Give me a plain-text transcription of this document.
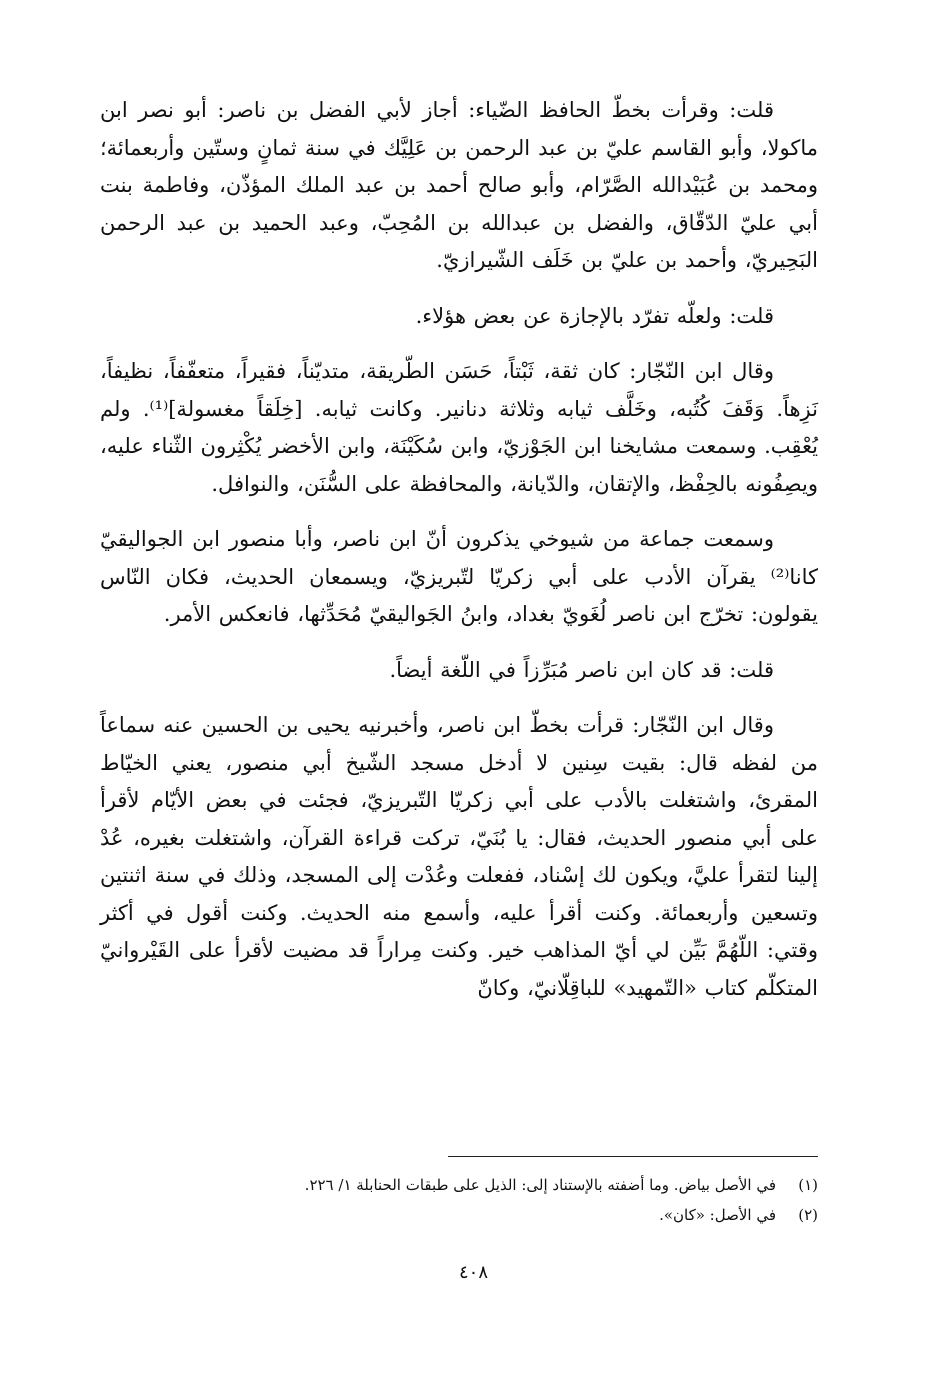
قلت: وقرأت بخطّ الحافظ الضّياء: أجاز لأبي الفضل بن ناصر: أبو نصر ابن ماكولا، وأبو القاسم عليّ بن عبد الرحمن بن عَلِيَّك في سنة ثمانٍ وستّين وأربعمائة؛ ومحمد بن عُبَيْدالله الصَّرّام، وأبو صالح أحمد بن عبد الملك المؤذّن، وفاطمة بنت أبي عليّ الدّقّاق، والفضل بن عبدالله بن المُحِبّ، وعبد الحميد بن عبد الرحمن البَحِيريّ، وأحمد بن عليّ بن خَلَف الشّيرازيّ.

قلت: ولعلّه تفرّد بالإجازة عن بعض هؤلاء.

وقال ابن النّجّار: كان ثقة، ثَبْتاً، حَسَن الطّريقة، متديّناً، فقيراً، متعفّفاً، نظيفاً، نَزِهاً. وَقَفَ كُتُبه، وخَلَّف ثيابه وثلاثة دنانير. وكانت ثيابه. [خِلَقاً مغسولة]⁽¹⁾. ولم يُعْقِب. وسمعت مشايخنا ابن الجَوْزيّ، وابن سُكَيْنَة، وابن الأخضر يُكْثِرون الثّناء عليه، ويصِفُونه بالحِفْظ، والإتقان، والدّيانة، والمحافظة على السُّنَن، والنوافل.

وسمعت جماعة من شيوخي يذكرون أنّ ابن ناصر، وأبا منصور ابن الجواليقيّ كانا⁽²⁾ يقرآن الأدب على أبي زكريّا لتّبريزيّ، ويسمعان الحديث، فكان النّاس يقولون: تخرّج ابن ناصر لُغَويّ بغداد، وابنُ الجَواليقيّ مُحَدِّثها، فانعكس الأمر.

قلت: قد كان ابن ناصر مُبَرِّزاً في اللّغة أيضاً.

وقال ابن النّجّار: قرأت بخطّ ابن ناصر، وأخبرنيه يحيى بن الحسين عنه سماعاً من لفظه قال: بقيت سِنين لا أدخل مسجد الشّيخ أبي منصور، يعني الخيّاط المقرئ، واشتغلت بالأدب على أبي زكريّا التّبريزيّ، فجئت في بعض الأيّام لأقرأ على أبي منصور الحديث، فقال: يا بُنَيّ، تركت قراءة القرآن، واشتغلت بغيره، عُدْ إلينا لتقرأ عليَّ، ويكون لك إسْناد، ففعلت وعُدْت إلى المسجد، وذلك في سنة اثنتين وتسعين وأربعمائة. وكنت أقرأ عليه، وأسمع منه الحديث. وكنت أقول في أكثر وقتي: اللّهُمَّ بَيِّن لي أيّ المذاهب خير. وكنت مِراراً قد مضيت لأقرأ على القَيْروانيّ المتكلّم كتاب «التّمهيد» للباقِلّانيّ، وكانّ

(١)
في الأصل بياض. وما أضفته بالإستناد إلى: الذيل على طبقات الحنابلة ١/ ٢٢٦.
(٢)
في الأصل: «كان».
٤٠٨
